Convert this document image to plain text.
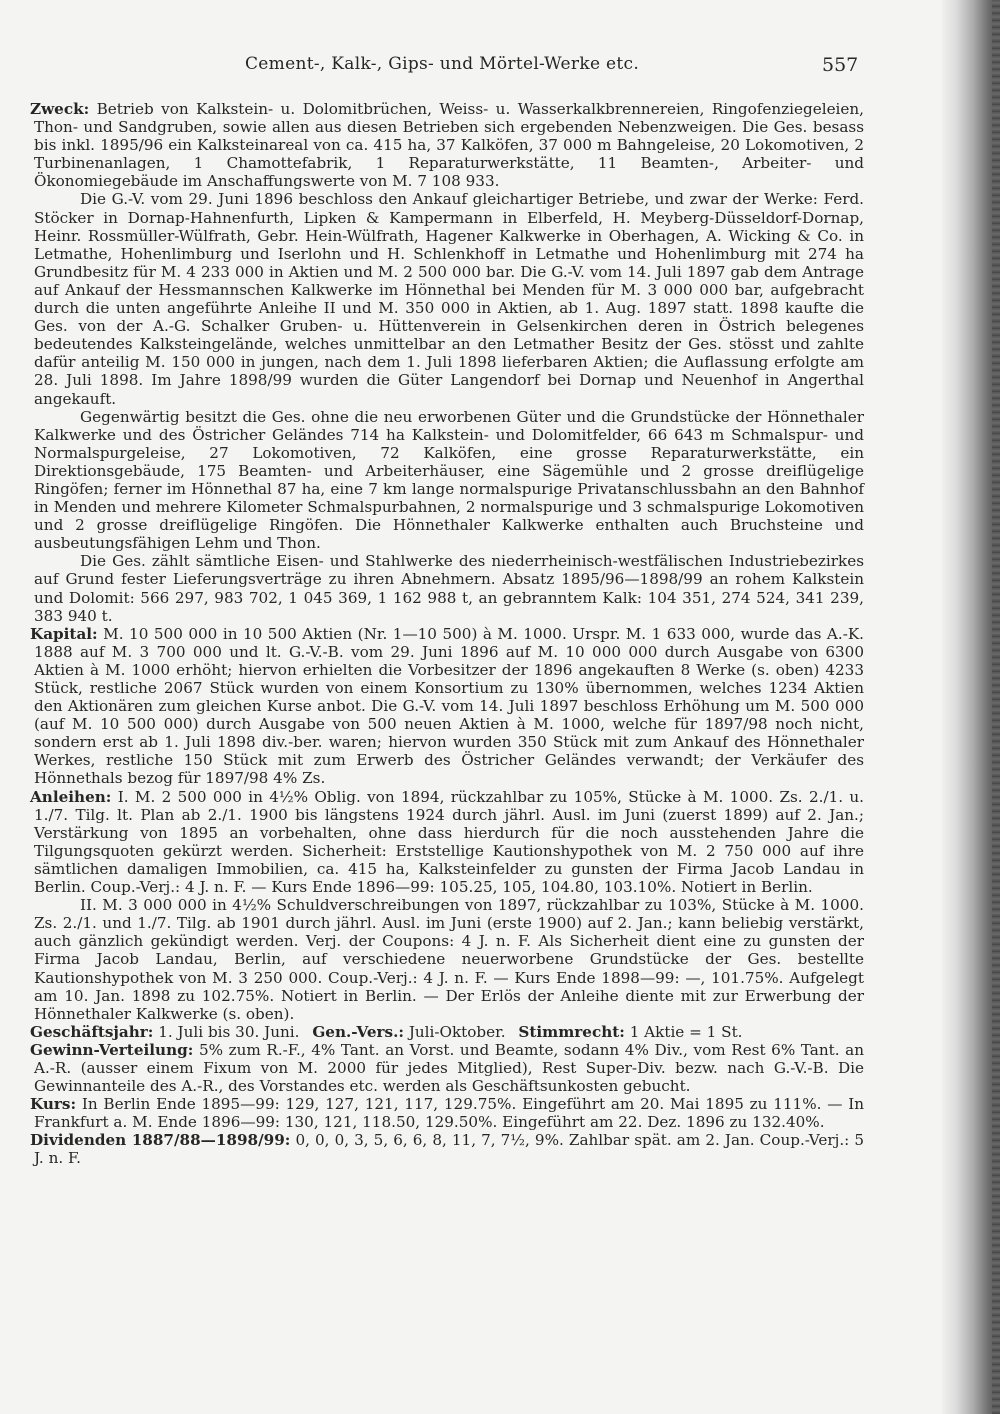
Cement-, Kalk-, Gips- und Mörtel-Werke etc.	557

Zweck: Betrieb von Kalkstein- u. Dolomitbrüchen, Weiss- u. Wasserkalkbrennereien, Ringofenziegeleien, Thon- und Sandgruben, sowie allen aus diesen Betrieben sich ergebenden Nebenzweigen. Die Ges. besass bis inkl. 1895/96 ein Kalksteinareal von ca. 415 ha, 37 Kalköfen, 37 000 m Bahngeleise, 20 Lokomotiven, 2 Turbinenanlagen, 1 Chamottefabrik, 1 Reparaturwerkstätte, 11 Beamten-, Arbeiter- und Ökonomiegebäude im Anschaffungswerte von M. 7 108 933.

Die G.-V. vom 29. Juni 1896 beschloss den Ankauf gleichartiger Betriebe, und zwar der Werke: Ferd. Stöcker in Dornap-Hahnenfurth, Lipken & Kampermann in Elberfeld, H. Meyberg-Düsseldorf-Dornap, Heinr. Rossmüller-Wülfrath, Gebr. Hein-Wülfrath, Hagener Kalkwerke in Oberhagen, A. Wicking & Co. in Letmathe, Hohenlimburg und Iserlohn und H. Schlenkhoff in Letmathe und Hohenlimburg mit 274 ha Grundbesitz für M. 4 233 000 in Aktien und M. 2 500 000 bar. Die G.-V. vom 14. Juli 1897 gab dem Antrage auf Ankauf der Hessmannschen Kalkwerke im Hönnethal bei Menden für M. 3 000 000 bar, aufgebracht durch die unten angeführte Anleihe II und M. 350 000 in Aktien, ab 1. Aug. 1897 statt. 1898 kaufte die Ges. von der A.-G. Schalker Gruben- u. Hüttenverein in Gelsenkirchen deren in Östrich belegenes bedeutendes Kalksteingelände, welches unmittelbar an den Letmather Besitz der Ges. stösst und zahlte dafür anteilig M. 150 000 in jungen, nach dem 1. Juli 1898 lieferbaren Aktien; die Auflassung erfolgte am 28. Juli 1898. Im Jahre 1898/99 wurden die Güter Langendorf bei Dornap und Neuenhof in Angerthal angekauft.

Gegenwärtig besitzt die Ges. ohne die neu erworbenen Güter und die Grundstücke der Hönnethaler Kalkwerke und des Östricher Geländes 714 ha Kalkstein- und Dolomitfelder, 66 643 m Schmalspur- und Normalspurgeleise, 27 Lokomotiven, 72 Kalköfen, eine grosse Reparaturwerkstätte, ein Direktionsgebäude, 175 Beamten- und Arbeiterhäuser, eine Sägemühle und 2 grosse dreiflügelige Ringöfen; ferner im Hönnethal 87 ha, eine 7 km lange normalspurige Privatanschlussbahn an den Bahnhof in Menden und mehrere Kilometer Schmalspurbahnen, 2 normalspurige und 3 schmalspurige Lokomotiven und 2 grosse dreiflügelige Ringöfen. Die Hönnethaler Kalkwerke enthalten auch Bruchsteine und ausbeutungsfähigen Lehm und Thon.

Die Ges. zählt sämtliche Eisen- und Stahlwerke des niederrheinisch-westfälischen Industriebezirkes auf Grund fester Lieferungsverträge zu ihren Abnehmern. Absatz 1895/96—1898/99 an rohem Kalkstein und Dolomit: 566 297, 983 702, 1 045 369, 1 162 988 t, an gebranntem Kalk: 104 351, 274 524, 341 239, 383 940 t.

Kapital: M. 10 500 000 in 10 500 Aktien (Nr. 1—10 500) à M. 1000. Urspr. M. 1 633 000, wurde das A.-K. 1888 auf M. 3 700 000 und lt. G.-V.-B. vom 29. Juni 1896 auf M. 10 000 000 durch Ausgabe von 6300 Aktien à M. 1000 erhöht; hiervon erhielten die Vorbesitzer der 1896 angekauften 8 Werke (s. oben) 4233 Stück, restliche 2067 Stück wurden von einem Konsortium zu 130% übernommen, welches 1234 Aktien den Aktionären zum gleichen Kurse anbot. Die G.-V. vom 14. Juli 1897 beschloss Erhöhung um M. 500 000 (auf M. 10 500 000) durch Ausgabe von 500 neuen Aktien à M. 1000, welche für 1897/98 noch nicht, sondern erst ab 1. Juli 1898 div.-ber. waren; hiervon wurden 350 Stück mit zum Ankauf des Hönnethaler Werkes, restliche 150 Stück mit zum Erwerb des Östricher Geländes verwandt; der Verkäufer des Hönnethals bezog für 1897/98 4% Zs.

Anleihen: I. M. 2 500 000 in 4½% Oblig. von 1894, rückzahlbar zu 105%, Stücke à M. 1000. Zs. 2./1. u. 1./7. Tilg. lt. Plan ab 2./1. 1900 bis längstens 1924 durch jährl. Ausl. im Juni (zuerst 1899) auf 2. Jan.; Verstärkung von 1895 an vorbehalten, ohne dass hierdurch für die noch ausstehenden Jahre die Tilgungsquoten gekürzt werden. Sicherheit: Erststellige Kautionshypothek von M. 2 750 000 auf ihre sämtlichen damaligen Immobilien, ca. 415 ha, Kalksteinfelder zu gunsten der Firma Jacob Landau in Berlin. Coup.-Verj.: 4 J. n. F. — Kurs Ende 1896—99: 105.25, 105, 104.80, 103.10%. Notiert in Berlin.

II. M. 3 000 000 in 4½% Schuldverschreibungen von 1897, rückzahlbar zu 103%, Stücke à M. 1000. Zs. 2./1. und 1./7. Tilg. ab 1901 durch jährl. Ausl. im Juni (erste 1900) auf 2. Jan.; kann beliebig verstärkt, auch gänzlich gekündigt werden. Verj. der Coupons: 4 J. n. F. Als Sicherheit dient eine zu gunsten der Firma Jacob Landau, Berlin, auf verschiedene neuerworbene Grundstücke der Ges. bestellte Kautionshypothek von M. 3 250 000. Coup.-Verj.: 4 J. n. F. — Kurs Ende 1898—99: —, 101.75%. Aufgelegt am 10. Jan. 1898 zu 102.75%. Notiert in Berlin. — Der Erlös der Anleihe diente mit zur Erwerbung der Hönnethaler Kalkwerke (s. oben).

Geschäftsjahr: 1. Juli bis 30. Juni. Gen.-Vers.: Juli-Oktober. Stimmrecht: 1 Aktie = 1 St.

Gewinn-Verteilung: 5% zum R.-F., 4% Tant. an Vorst. und Beamte, sodann 4% Div., vom Rest 6% Tant. an A.-R. (ausser einem Fixum von M. 2000 für jedes Mitglied), Rest Super-Div. bezw. nach G.-V.-B. Die Gewinnanteile des A.-R., des Vorstandes etc. werden als Geschäftsunkosten gebucht.

Kurs: In Berlin Ende 1895—99: 129, 127, 121, 117, 129.75%. Eingeführt am 20. Mai 1895 zu 111%. — In Frankfurt a. M. Ende 1896—99: 130, 121, 118.50, 129.50%. Eingeführt am 22. Dez. 1896 zu 132.40%.

Dividenden 1887/88—1898/99: 0, 0, 0, 3, 5, 6, 6, 8, 11, 7, 7½, 9%. Zahlbar spät. am 2. Jan. Coup.-Verj.: 5 J. n. F.
